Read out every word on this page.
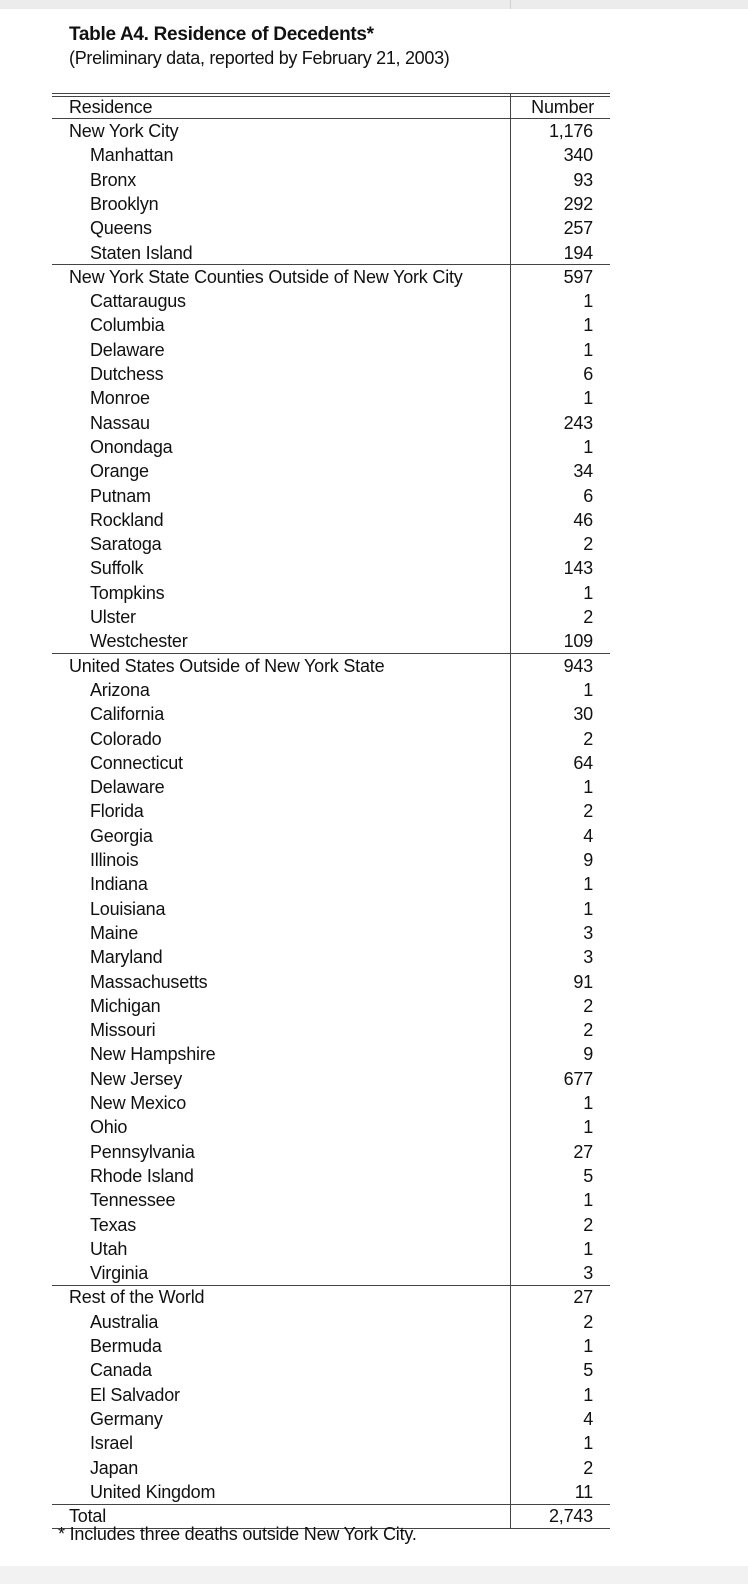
Table A4. Residence of Decedents*
(Preliminary data, reported by February 21, 2003)
Residence	Number
New York City	1,176
Manhattan	340
Bronx	93
Brooklyn	292
Queens	257
Staten Island	194
New York State Counties Outside of New York City	597
Cattaraugus	1
Columbia	1
Delaware	1
Dutchess	6
Monroe	1
Nassau	243
Onondaga	1
Orange	34
Putnam	6
Rockland	46
Saratoga	2
Suffolk	143
Tompkins	1
Ulster	2
Westchester	109
United States Outside of New York State	943
Arizona	1
California	30
Colorado	2
Connecticut	64
Delaware	1
Florida	2
Georgia	4
Illinois	9
Indiana	1
Louisiana	1
Maine	3
Maryland	3
Massachusetts	91
Michigan	2
Missouri	2
New Hampshire	9
New Jersey	677
New Mexico	1
Ohio	1
Pennsylvania	27
Rhode Island	5
Tennessee	1
Texas	2
Utah	1
Virginia	3
Rest of the World	27
Australia	2
Bermuda	1
Canada	5
El Salvador	1
Germany	4
Israel	1
Japan	2
United Kingdom	11
Total	2,743
* Includes three deaths outside New York City.
